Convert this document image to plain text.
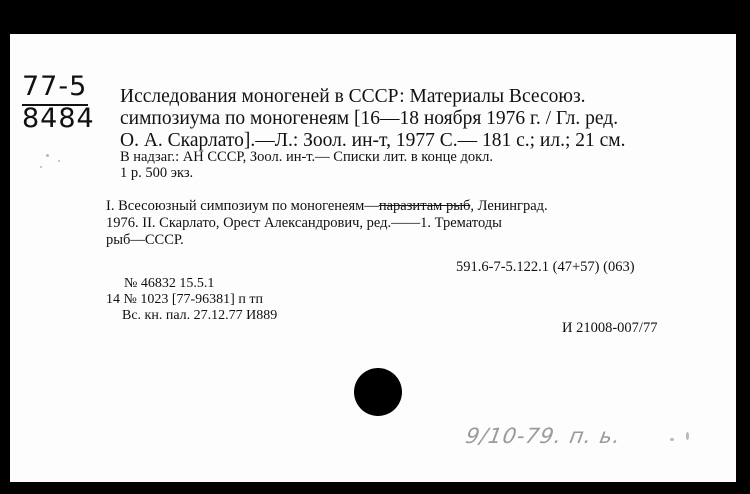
77-5
8484
Исследования моногеней в СССР: Материалы Всесоюз.
симпозиума по моногенеям [16—18 ноября 1976 г. / Гл. ред.
О. А. Скарлато].—Л.: Зоол. ин-т, 1977 С.— 181 с.; ил.; 21 см.
В надзаг.: АН СССР, Зоол. ин-т.— Списки лит. в конце докл.
1 р. 500 экз.
I. Всесоюзный симпозиум по моногенеям—паразитам рыб, Ленинград.
1976. II. Скарлато, Орест Александрович, ред.——1. Трематоды
рыб—СССР.
591.6-7-5.122.1 (47+57) (063)
№ 46832 15.5.1
14 № 1023 [77-96381] п тп
Вс. кн. пал. 27.12.77 И889
И 21008-007/77
9/10-79. п. ь.
